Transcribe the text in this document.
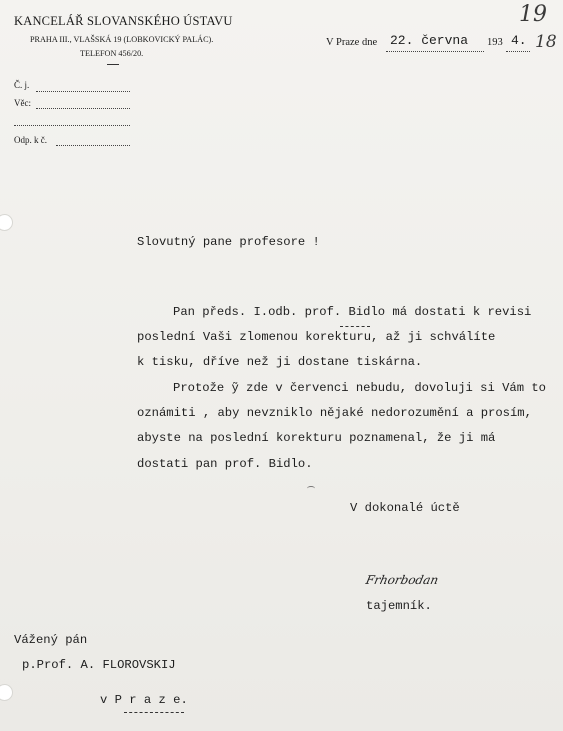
KANCELÁŘ SLOVANSKÉHO ÚSTAVU
PRAHA III., VLAŠSKÁ 19 (LOBKOVICKÝ PALÁC).
TELEFON 456/20.
Č. j.
Věc:
Odp. k č.
19
18
V Praze dne 22. června 193 4.
Slovutný pane profesore !
Pan předs. I.odb. prof. Bidlo má dostati k revisi
poslední Vaši zlomenou korekturu, až ji schválíte
k tisku, dříve než ji dostane tiskárna.
Protože ỹ zde v červenci nebudu, dovoluji si Vám to
oznámiti , aby nevzniklo nějaké nedorozumění a prosím,
abyste na poslední korekturu poznamenal, že ji má
dostati pan prof. Bidlo.
V dokonalé úctě
Frhorbodan
tajemník.
Vážený pán
p.Prof. A. FLOROVSKIJ
v P r a z e.
